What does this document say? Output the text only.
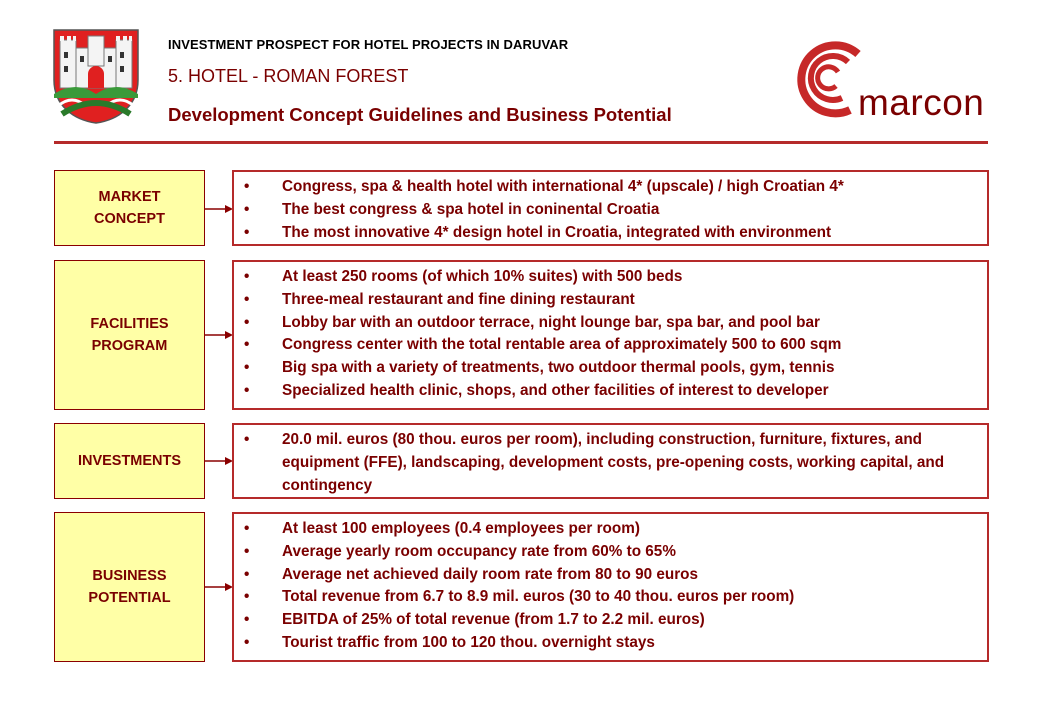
INVESTMENT PROSPECT FOR HOTEL PROJECTS IN DARUVAR
5. HOTEL - ROMAN FOREST
Development Concept Guidelines and Business Potential	marcon
MARKET
CONCEPT
• Congress, spa & health hotel with international 4* (upscale) / high Croatian 4*
• The best congress & spa hotel in coninental Croatia
• The most innovative 4* design hotel in Croatia, integrated with environment
FACILITIES
PROGRAM
• At least 250 rooms (of which 10% suites) with 500 beds
• Three-meal restaurant and fine dining restaurant
• Lobby bar with an outdoor terrace, night lounge bar, spa bar, and pool bar
• Congress center with the total rentable area of approximately 500 to 600 sqm
• Big spa with a variety of treatments, two outdoor thermal pools, gym, tennis
• Specialized health clinic, shops, and other facilities of interest to developer
INVESTMENTS
• 20.0 mil. euros (80 thou. euros per room), including construction, furniture, fixtures, and equipment (FFE), landscaping, development costs, pre-opening costs, working capital, and contingency
BUSINESS
POTENTIAL
• At least 100 employees (0.4 employees per room)
• Average yearly room occupancy rate from 60% to 65%
• Average net achieved daily room rate from 80 to 90 euros
• Total revenue from 6.7 to 8.9 mil. euros (30 to 40 thou. euros per room)
• EBITDA of 25% of total revenue (from 1.7 to 2.2 mil. euros)
• Tourist traffic from 100 to 120 thou. overnight stays
